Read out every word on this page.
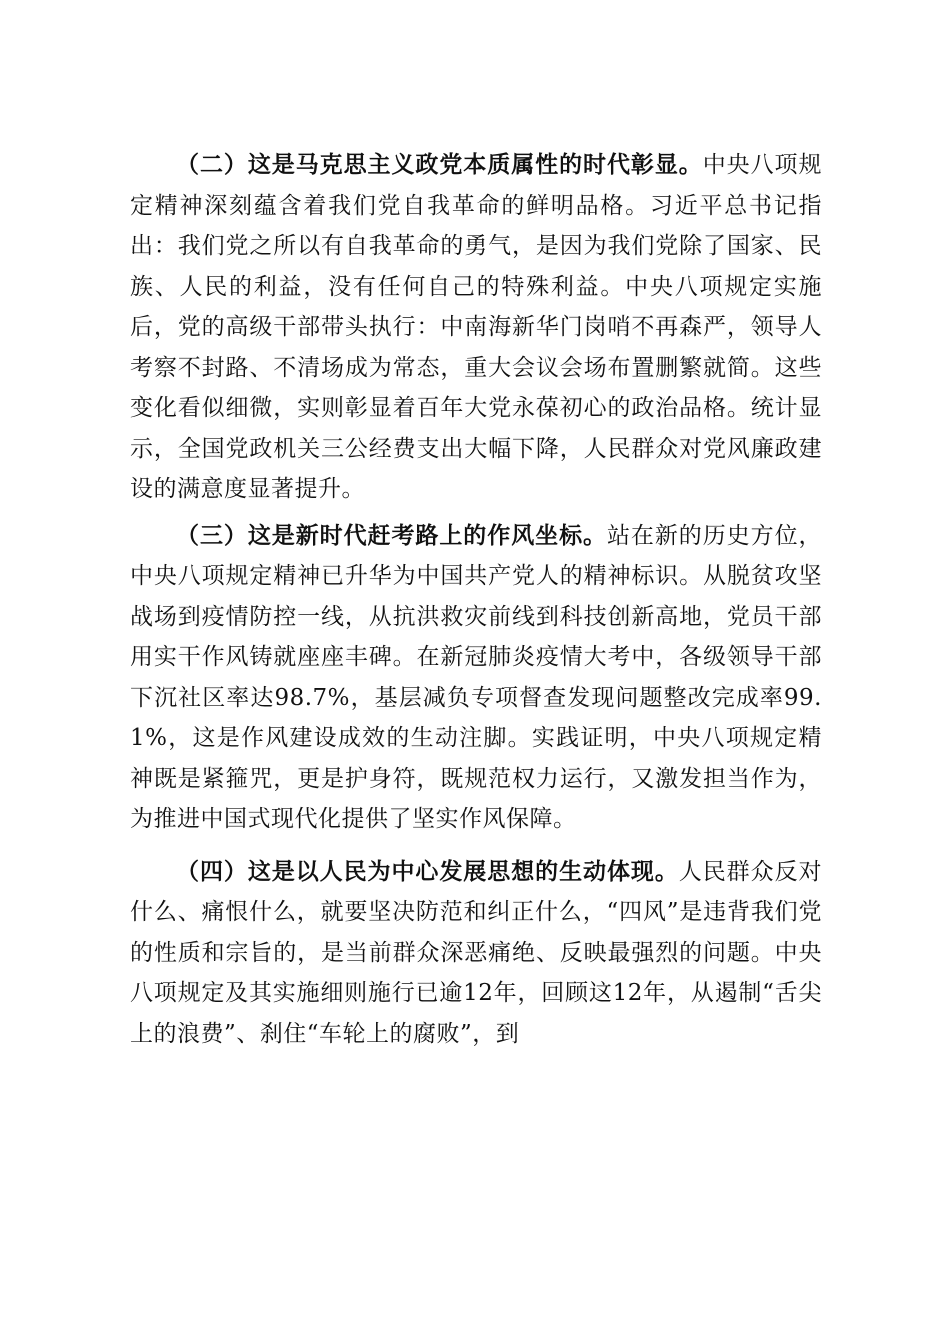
（二）这是马克思主义政党本质属性的时代彰显。中央八项规定精神深刻蕴含着我们党自我革命的鲜明品格。习近平总书记指出：我们党之所以有自我革命的勇气，是因为我们党除了国家、民族、人民的利益，没有任何自己的特殊利益。中央八项规定实施后，党的高级干部带头执行：中南海新华门岗哨不再森严，领导人考察不封路、不清场成为常态，重大会议会场布置删繁就简。这些变化看似细微，实则彰显着百年大党永葆初心的政治品格。统计显示，全国党政机关三公经费支出大幅下降，人民群众对党风廉政建设的满意度显著提升。

（三）这是新时代赶考路上的作风坐标。站在新的历史方位，中央八项规定精神已升华为中国共产党人的精神标识。从脱贫攻坚战场到疫情防控一线，从抗洪救灾前线到科技创新高地，党员干部用实干作风铸就座座丰碑。在新冠肺炎疫情大考中，各级领导干部下沉社区率达98.7%，基层减负专项督查发现问题整改完成率99.1%，这是作风建设成效的生动注脚。实践证明，中央八项规定精神既是紧箍咒，更是护身符，既规范权力运行，又激发担当作为，为推进中国式现代化提供了坚实作风保障。

（四）这是以人民为中心发展思想的生动体现。人民群众反对什么、痛恨什么，就要坚决防范和纠正什么，“四风”是违背我们党的性质和宗旨的，是当前群众深恶痛绝、反映最强烈的问题。中央八项规定及其实施细则施行已逾12年，回顾这12年，从遏制“舌尖上的浪费”、刹住“车轮上的腐败”，到
